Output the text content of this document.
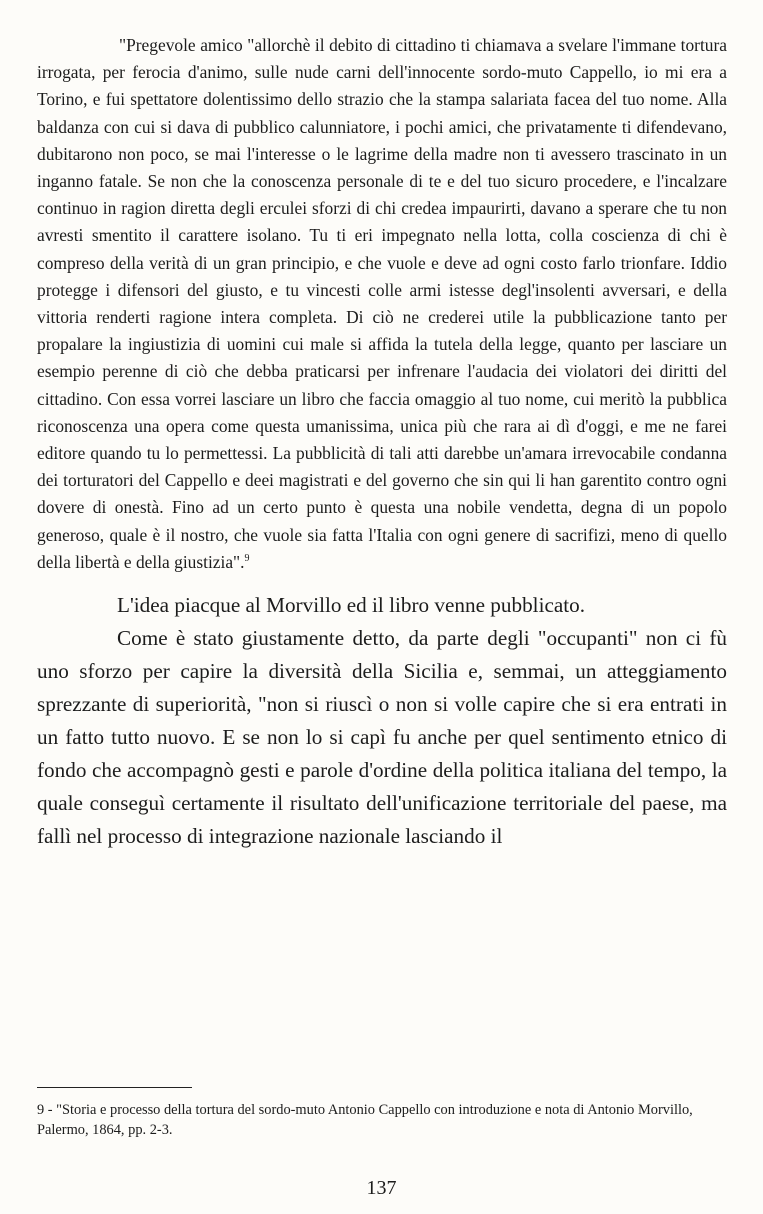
"Pregevole amico "allorchè il debito di cittadino ti chiamava a svelare l'immane tortura irrogata, per ferocia d'animo, sulle nude carni dell'innocente sordo-muto Cappello, io mi era a Torino, e fui spettatore dolentissimo dello strazio che la stampa salariata facea del tuo nome. Alla baldanza con cui si dava di pubblico calunniatore, i pochi amici, che privatamente ti difendevano, dubitarono non poco, se mai l'interesse o le lagrime della madre non ti avessero trascinato in un inganno fatale. Se non che la conoscenza personale di te e del tuo sicuro procedere, e l'incalzare continuo in ragion diretta degli erculei sforzi di chi credea impaurirti, davano a sperare che tu non avresti smentito il carattere isolano. Tu ti eri impegnato nella lotta, colla coscienza di chi è compreso della verità di un gran principio, e che vuole e deve ad ogni costo farlo trionfare. Iddio protegge i difensori del giusto, e tu vincesti colle armi istesse degl'insolenti avversari, e della vittoria renderti ragione intera completa. Di ciò ne crederei utile la pubblicazione tanto per propalare la ingiustizia di uomini cui male si affida la tutela della legge, quanto per lasciare un esempio perenne di ciò che debba praticarsi per infrenare l'audacia dei violatori dei diritti del cittadino. Con essa vorrei lasciare un libro che faccia omaggio al tuo nome, cui meritò la pubblica riconoscenza una opera come questa umanissima, unica più che rara ai dì d'oggi, e me ne farei editore quando tu lo permettessi. La pubblicità di tali atti darebbe un'amara irrevocabile condanna dei torturatori del Cappello e deei magistrati e del governo che sin qui li han garentito contro ogni dovere di onestà. Fino ad un certo punto è questa una nobile vendetta, degna di un popolo generoso, quale è il nostro, che vuole sia fatta l'Italia con ogni genere di sacrifizi, meno di quello della libertà e della giustizia".$^9$

L'idea piacque al Morvillo ed il libro venne pubblicato.

Come è stato giustamente detto, da parte degli "occupanti" non ci fù uno sforzo per capire la diversità della Sicilia e, semmai, un atteggiamento sprezzante di superiorità, "non si riuscì o non si volle capire che si era entrati in un fatto tutto nuovo. E se non lo si capì fu anche per quel sentimento etnico di fondo che accompagnò gesti e parole d'ordine della politica italiana del tempo, la quale conseguì certamente il risultato dell'unificazione territoriale del paese, ma fallì nel processo di integrazione nazionale lasciando il

9 - "Storia e processo della tortura del sordo-muto Antonio Cappello con introduzione e nota di Antonio Morvillo, Palermo, 1864, pp. 2-3.

137
